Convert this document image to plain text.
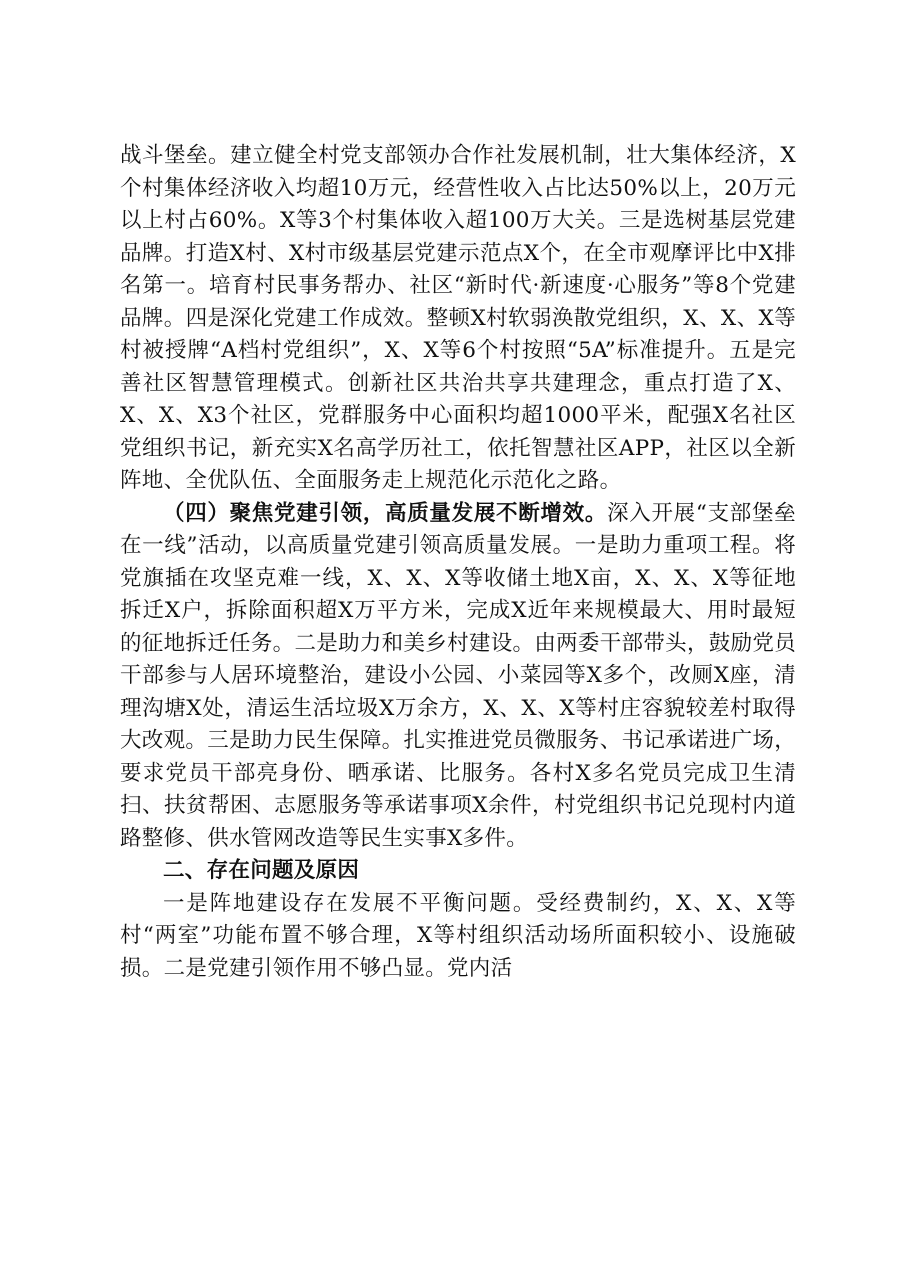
战斗堡垒。建立健全村党支部领办合作社发展机制，壮大集体经济，X个村集体经济收入均超10万元，经营性收入占比达50%以上，20万元以上村占60%。X等3个村集体收入超100万大关。三是选树基层党建品牌。打造X村、X村市级基层党建示范点X个，在全市观摩评比中X排名第一。培育村民事务帮办、社区“新时代·新速度·心服务”等8个党建品牌。四是深化党建工作成效。整顿X村软弱涣散党组织，X、X、X等村被授牌“A档村党组织”，X、X等6个村按照“5A”标准提升。五是完善社区智慧管理模式。创新社区共治共享共建理念，重点打造了X、X、X、X3个社区，党群服务中心面积均超1000平米，配强X名社区党组织书记，新充实X名高学历社工，依托智慧社区APP，社区以全新阵地、全优队伍、全面服务走上规范化示范化之路。

（四）聚焦党建引领，高质量发展不断增效。深入开展“支部堡垒在一线”活动，以高质量党建引领高质量发展。一是助力重项工程。将党旗插在攻坚克难一线，X、X、X等收储土地X亩，X、X、X等征地拆迁X户，拆除面积超X万平方米，完成X近年来规模最大、用时最短的征地拆迁任务。二是助力和美乡村建设。由两委干部带头，鼓励党员干部参与人居环境整治，建设小公园、小菜园等X多个，改厕X座，清理沟塘X处，清运生活垃圾X万余方，X、X、X等村庄容貌较差村取得大改观。三是助力民生保障。扎实推进党员微服务、书记承诺进广场，要求党员干部亮身份、晒承诺、比服务。各村X多名党员完成卫生清扫、扶贫帮困、志愿服务等承诺事项X余件，村党组织书记兑现村内道路整修、供水管网改造等民生实事X多件。

二、存在问题及原因

一是阵地建设存在发展不平衡问题。受经费制约，X、X、X等村“两室”功能布置不够合理，X等村组织活动场所面积较小、设施破损。二是党建引领作用不够凸显。党内活
